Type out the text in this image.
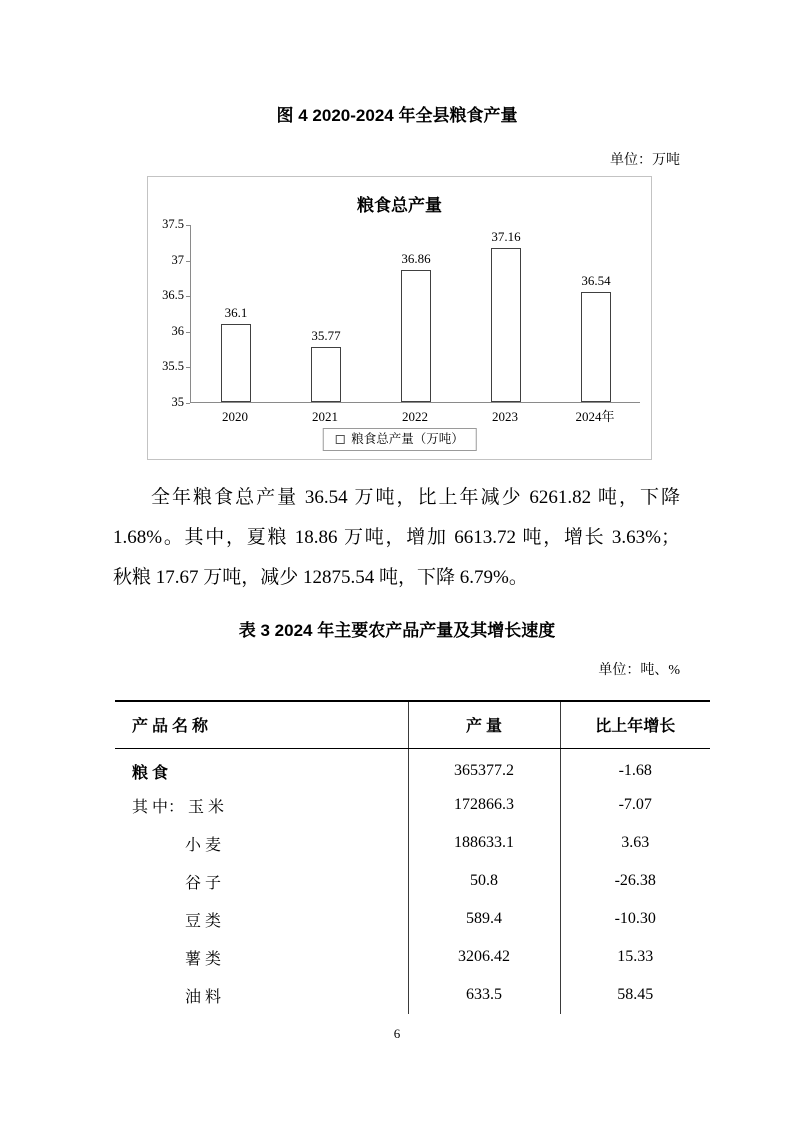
图 4 2020-2024 年全县粮食产量
单位：万吨
粮食总产量
36.1
35.77
36.86
37.16
36.54
粮食总产量（万吨）
35
35.5
36
36.5
37
37.5
2020	2021	2022	2023	2024年
全年粮食总产量 36.54 万吨，比上年减少 6261.82 吨，下降
1.68%。其中，夏粮 18.86 万吨，增加 6613.72 吨，增长 3.63%；
秋粮 17.67 万吨，减少 12875.54 吨，下降 6.79%。
表 3 2024 年主要农产品产量及其增长速度
单位：吨、%
产 品 名 称	产 量	比上年增长
粮 食	365377.2	-1.68
其 中： 玉 米	172866.3	-7.07
小 麦	188633.1	3.63
谷 子	50.8	-26.38
豆 类	589.4	-10.30
薯 类	3206.42	15.33
油 料	633.5	58.45
6
